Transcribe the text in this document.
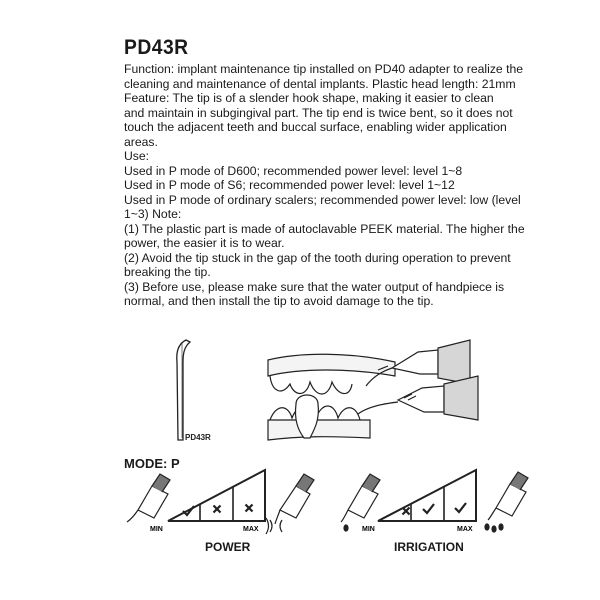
PD43R
Function: implant maintenance tip installed on PD40 adapter to realize the
cleaning and maintenance of dental implants. Plastic head length: 21mm
Feature: The tip is of a slender hook shape, making it easier to clean
and maintain in subgingival part. The tip end is twice bent, so it does not
touch the adjacent teeth and buccal surface, enabling wider application
areas.
Use:
Used in P mode of D600; recommended power level: level 1~8
Used in P mode of S6; recommended power level: level 1~12
Used in P mode of ordinary scalers; recommended power level: low (level
1~3) Note:
(1) The plastic part is made of autoclavable PEEK material. The higher the
power, the easier it is to wear.
(2) Avoid the tip stuck in the gap of the tooth during operation to prevent
breaking the tip.
(3) Before use, please make sure that the water output of handpiece is
normal, and then install the tip to avoid damage to the tip.
PD43R
MIN	MAX	MIN	MAX
MODE: P
POWER	IRRIGATION
